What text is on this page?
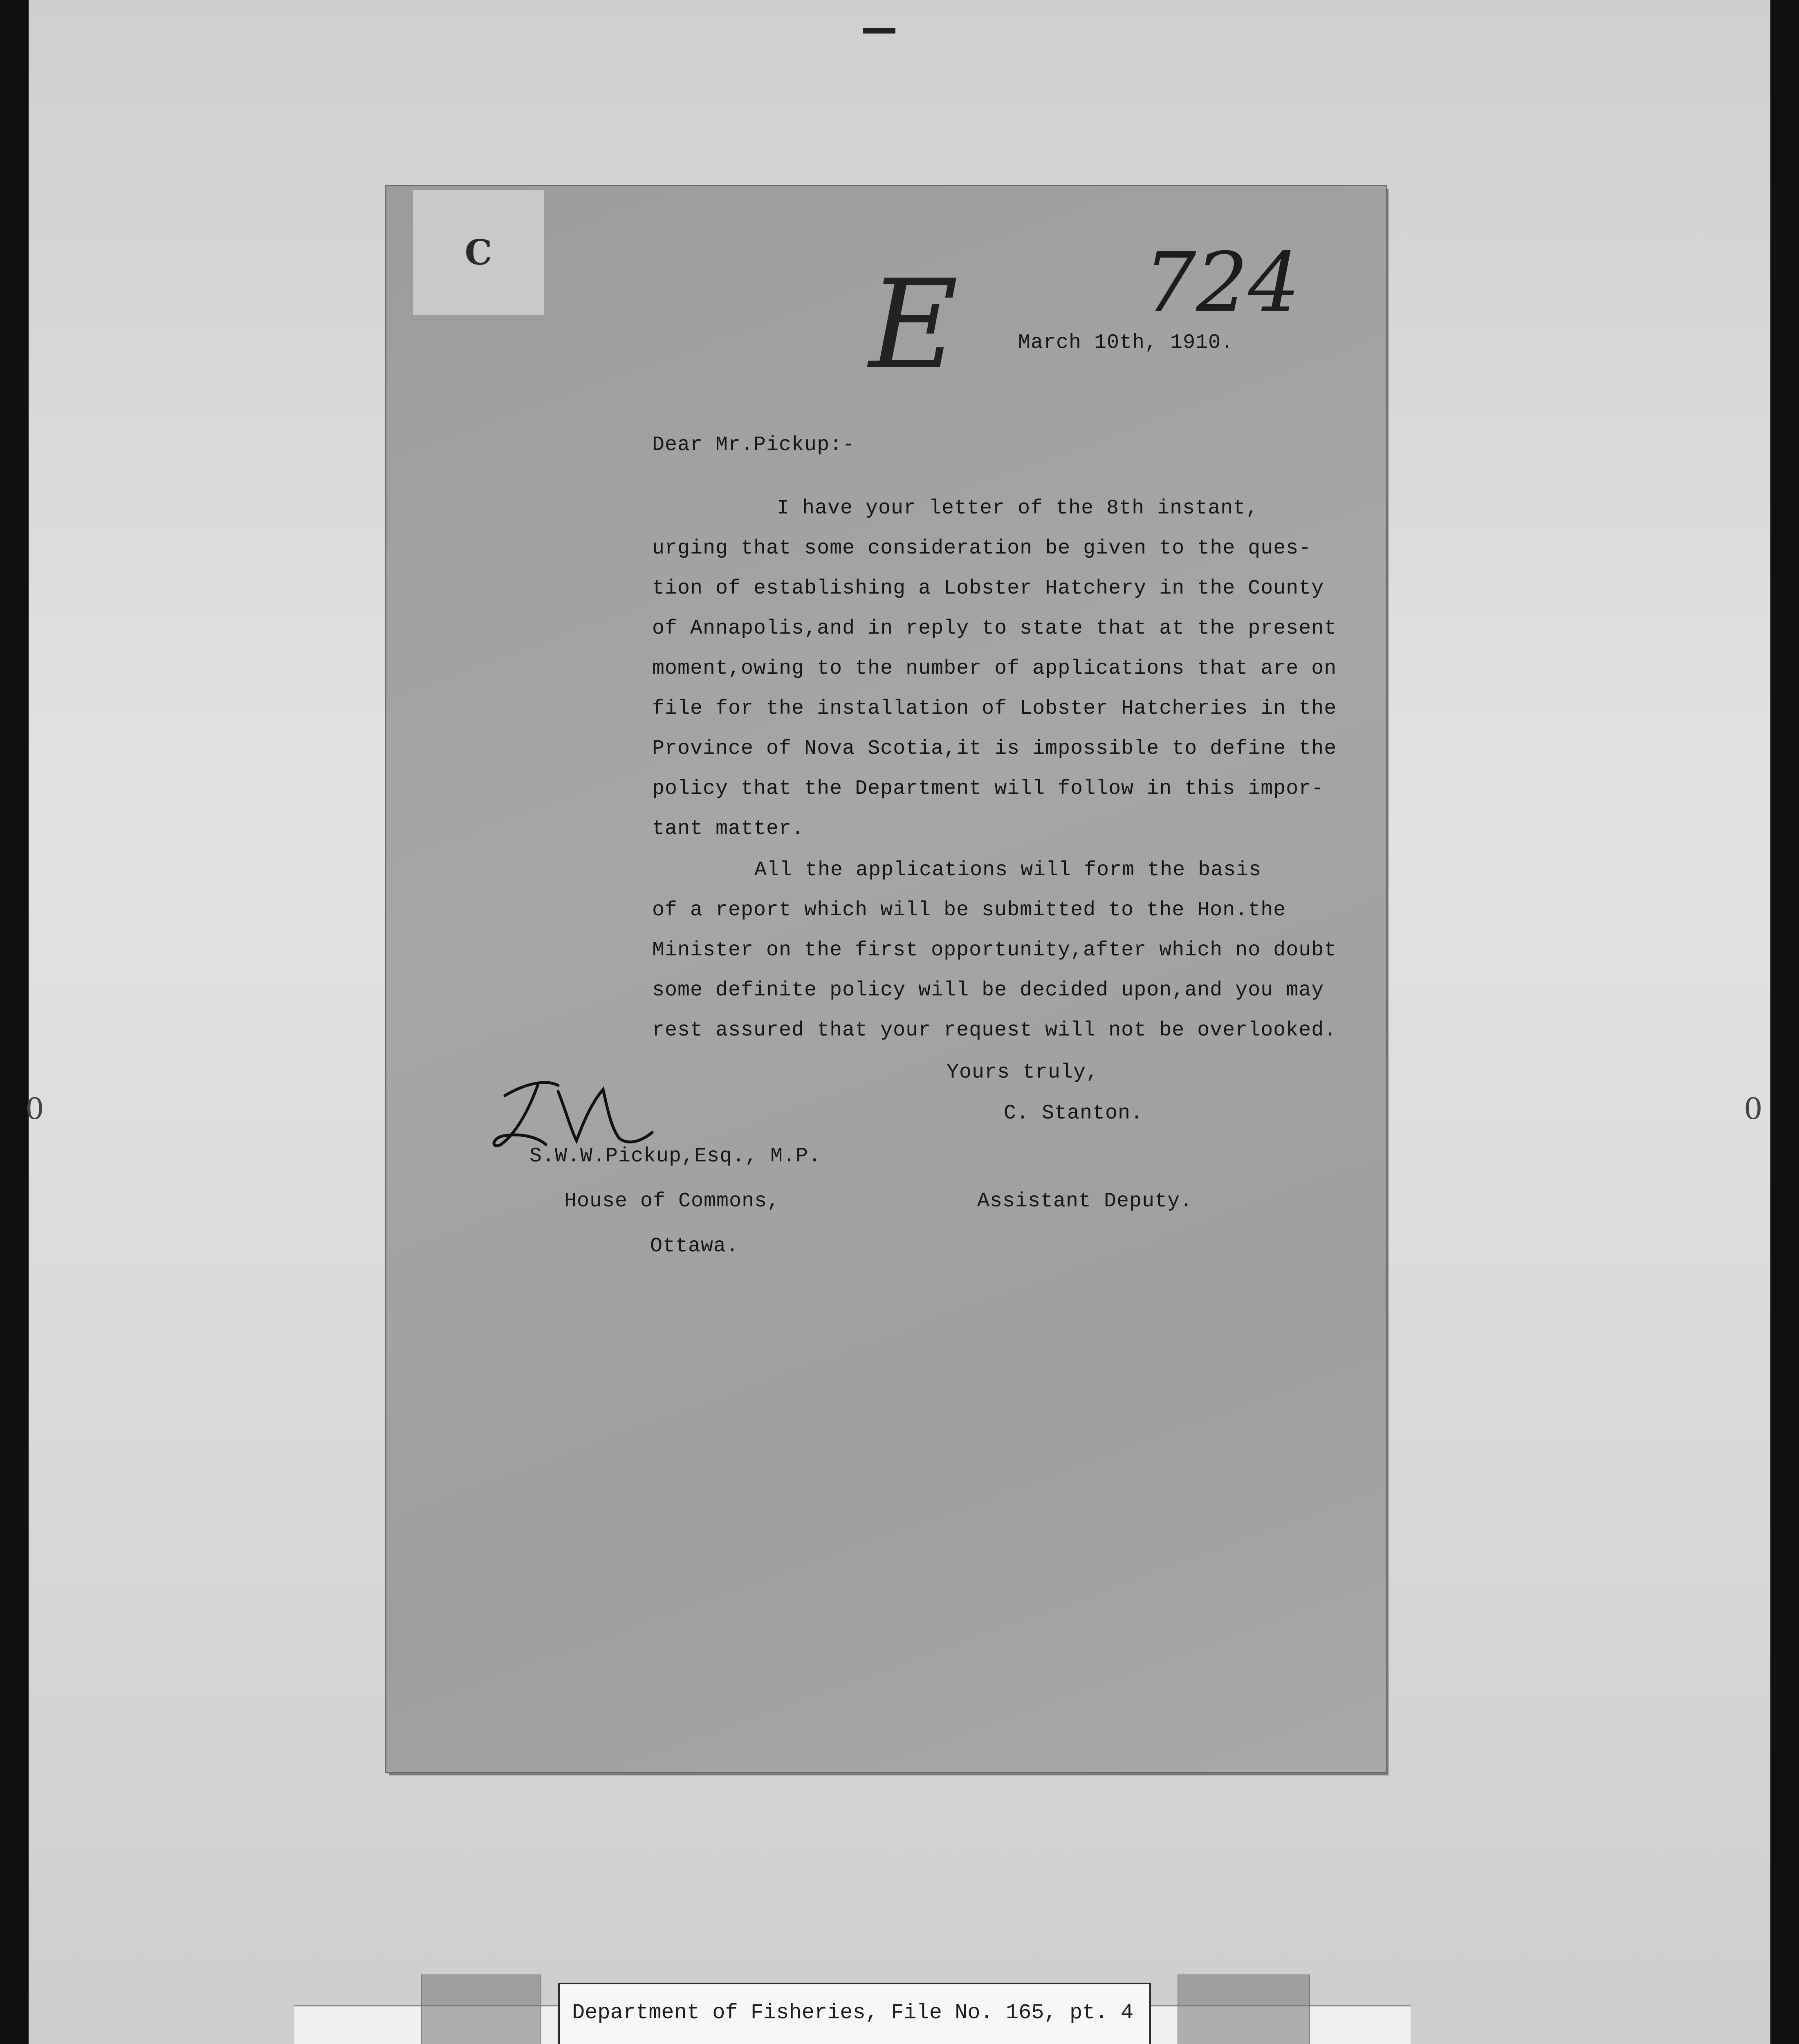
0	0
C	724
E	March 10th, 1910.
Dear Mr.Pickup:-
I have your letter of the 8th instant,
urging that some consideration be given to the ques-
tion of establishing a Lobster Hatchery in the County
of Annapolis,and in reply to state that at the present
moment,owing to the number of applications that are on
file for the installation of Lobster Hatcheries in the
Province of Nova Scotia,it is impossible to define the
policy that the Department will follow in this impor-
tant matter.
All the applications will form the basis
of a report which will be submitted to the Hon.the
Minister on the first opportunity,after which no doubt
some definite policy will be decided upon,and you may
rest assured that your request will not be overlooked.
Yours truly,
C. Stanton.
Assistant Deputy.
S.W.W.Pickup,Esq., M.P.
House of Commons,
Ottawa.
Department of Fisheries, File No. 165, pt. 4
